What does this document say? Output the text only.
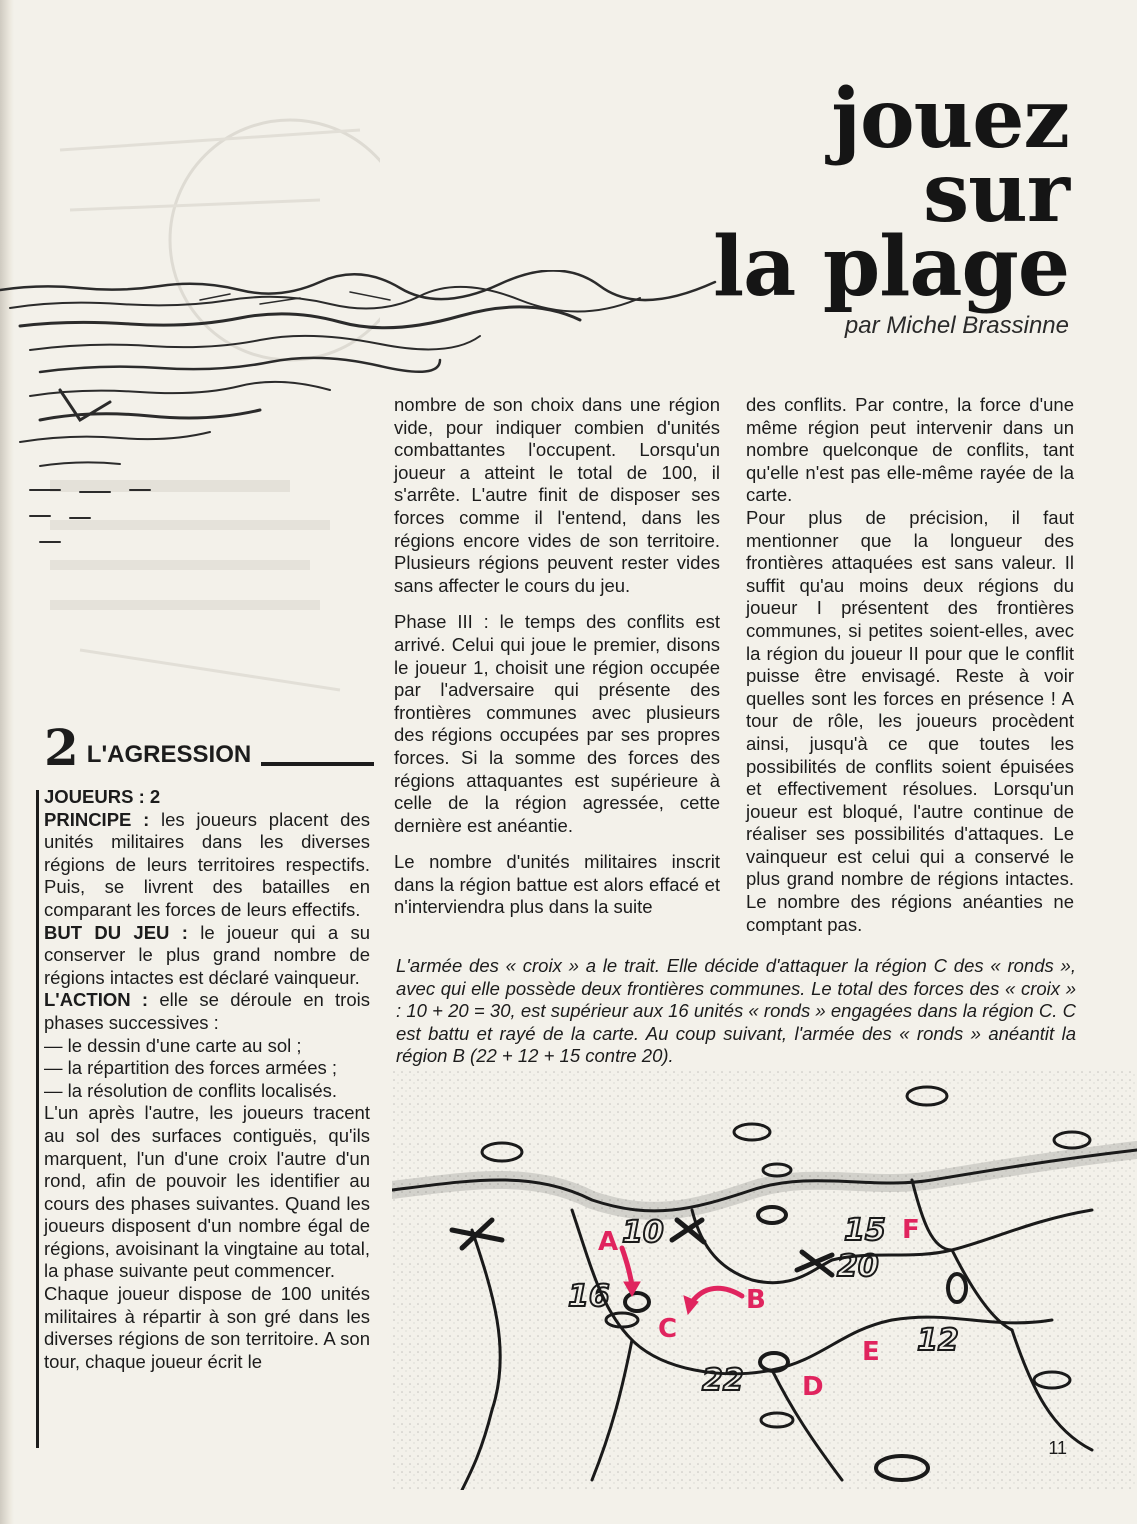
jouez
sur
la plage
par Michel Brassinne
2 L'AGRESSION
JOUEURS : 2
PRINCIPE : les joueurs placent des unités militaires dans les diverses régions de leurs territoires respectifs. Puis, se livrent des batailles en comparant les forces de leurs effectifs.
BUT DU JEU : le joueur qui a su conserver le plus grand nombre de régions intactes est déclaré vainqueur.
L'ACTION : elle se déroule en trois phases successives :
— le dessin d'une carte au sol ;
— la répartition des forces armées ;
— la résolution de conflits localisés.
L'un après l'autre, les joueurs tracent au sol des surfaces contiguës, qu'ils marquent, l'un d'une croix l'autre d'un rond, afin de pouvoir les identifier au cours des phases suivantes. Quand les joueurs disposent d'un nombre égal de régions, avoisinant la vingtaine au total, la phase suivante peut commencer.
Chaque joueur dispose de 100 unités militaires à répartir à son gré dans les diverses régions de son territoire. A son tour, chaque joueur écrit le

nombre de son choix dans une région vide, pour indiquer combien d'unités combattantes l'occupent. Lorsqu'un joueur a atteint le total de 100, il s'arrête. L'autre finit de disposer ses forces comme il l'entend, dans les régions encore vides de son territoire. Plusieurs régions peuvent rester vides sans affecter le cours du jeu.

Phase III : le temps des conflits est arrivé. Celui qui joue le premier, disons le joueur 1, choisit une région occupée par l'adversaire qui présente des frontières communes avec plusieurs des régions occupées par ses propres forces. Si la somme des forces des régions attaquantes est supérieure à celle de la région agressée, cette dernière est anéantie.

Le nombre d'unités militaires inscrit dans la région battue est alors effacé et n'interviendra plus dans la suite

des conflits. Par contre, la force d'une même région peut intervenir dans un nombre quelconque de conflits, tant qu'elle n'est pas elle-même rayée de la carte.
Pour plus de précision, il faut mentionner que la longueur des frontières attaquées est sans valeur. Il suffit qu'au moins deux régions du joueur I présentent des frontières communes, si petites soient-elles, avec la région du joueur II pour que le conflit puisse être envisagé. Reste à voir quelles sont les forces en présence ! A tour de rôle, les joueurs procèdent ainsi, jusqu'à ce que toutes les possibilités de conflits soient épuisées et effectivement résolues. Lorsqu'un joueur est bloqué, l'autre continue de réaliser ses possibilités d'attaques. Le vainqueur est celui qui a conservé le plus grand nombre de régions intactes. Le nombre des régions anéanties ne comptant pas.

L'armée des « croix » a le trait. Elle décide d'attaquer la région C des « ronds », avec qui elle possède deux frontières communes. Le total des forces des « croix » : 10 + 20 = 30, est supérieur aux 16 unités « ronds » engagées dans la région C. C est battu et rayé de la carte. Au coup suivant, l'armée des « ronds » anéantit la région B (22 + 12 + 15 contre 20).

10	15
20
16
22
12
A
B
C
D
E
F
11
